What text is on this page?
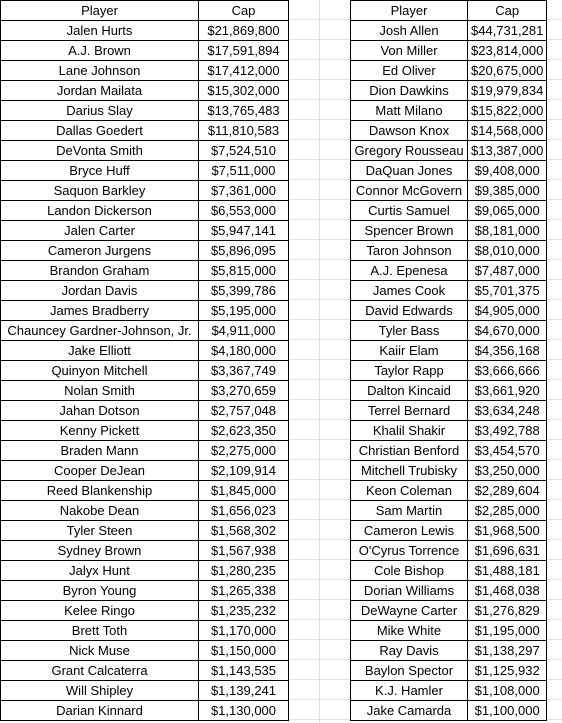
Player	Cap
Jalen Hurts	$21,869,800
A.J. Brown	$17,591,894
Lane Johnson	$17,412,000
Jordan Mailata	$15,302,000
Darius Slay	$13,765,483
Dallas Goedert	$11,810,583
DeVonta Smith	$7,524,510
Bryce Huff	$7,511,000
Saquon Barkley	$7,361,000
Landon Dickerson	$6,553,000
Jalen Carter	$5,947,141
Cameron Jurgens	$5,896,095
Brandon Graham	$5,815,000
Jordan Davis	$5,399,786
James Bradberry	$5,195,000
Chauncey Gardner-Johnson, Jr.	$4,911,000
Jake Elliott	$4,180,000
Quinyon Mitchell	$3,367,749
Nolan Smith	$3,270,659
Jahan Dotson	$2,757,048
Kenny Pickett	$2,623,350
Braden Mann	$2,275,000
Cooper DeJean	$2,109,914
Reed Blankenship	$1,845,000
Nakobe Dean	$1,656,023
Tyler Steen	$1,568,302
Sydney Brown	$1,567,938
Jalyx Hunt	$1,280,235
Byron Young	$1,265,338
Kelee Ringo	$1,235,232
Brett Toth	$1,170,000
Nick Muse	$1,150,000
Grant Calcaterra	$1,143,535
Will Shipley	$1,139,241
Darian Kinnard	$1,130,000
Player	Cap
Josh Allen	$44,731,281
Von Miller	$23,814,000
Ed Oliver	$20,675,000
Dion Dawkins	$19,979,834
Matt Milano	$15,822,000
Dawson Knox	$14,568,000
Gregory Rousseau	$13,387,000
DaQuan Jones	$9,408,000
Connor McGovern	$9,385,000
Curtis Samuel	$9,065,000
Spencer Brown	$8,181,000
Taron Johnson	$8,010,000
A.J. Epenesa	$7,487,000
James Cook	$5,701,375
David Edwards	$4,905,000
Tyler Bass	$4,670,000
Kaiir Elam	$4,356,168
Taylor Rapp	$3,666,666
Dalton Kincaid	$3,661,920
Terrel Bernard	$3,634,248
Khalil Shakir	$3,492,788
Christian Benford	$3,454,570
Mitchell Trubisky	$3,250,000
Keon Coleman	$2,289,604
Sam Martin	$2,285,000
Cameron Lewis	$1,968,500
O'Cyrus Torrence	$1,696,631
Cole Bishop	$1,488,181
Dorian Williams	$1,468,038
DeWayne Carter	$1,276,829
Mike White	$1,195,000
Ray Davis	$1,138,297
Baylon Spector	$1,125,932
K.J. Hamler	$1,108,000
Jake Camarda	$1,100,000
